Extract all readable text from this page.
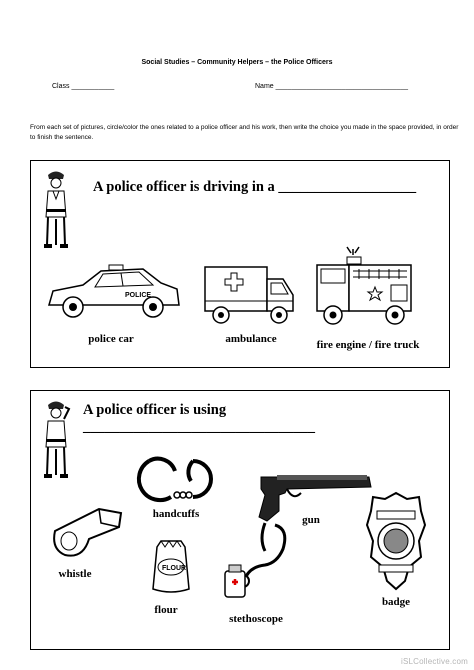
Social Studies – Community Helpers – the Police Officers
Class ___________	Name __________________________________
From each set of pictures, circle/color the ones related to a police officer and his work, then write the choice you made in the space provided, in order to finish the sentence.
A police officer is driving in a ___________________
POLICE
police car	ambulance	fire engine / fire truck
A police officer is using ________________________________
handcuffs	gun
whistle	FLOUR
flour
stethoscope
badge
iSLCollective.com
